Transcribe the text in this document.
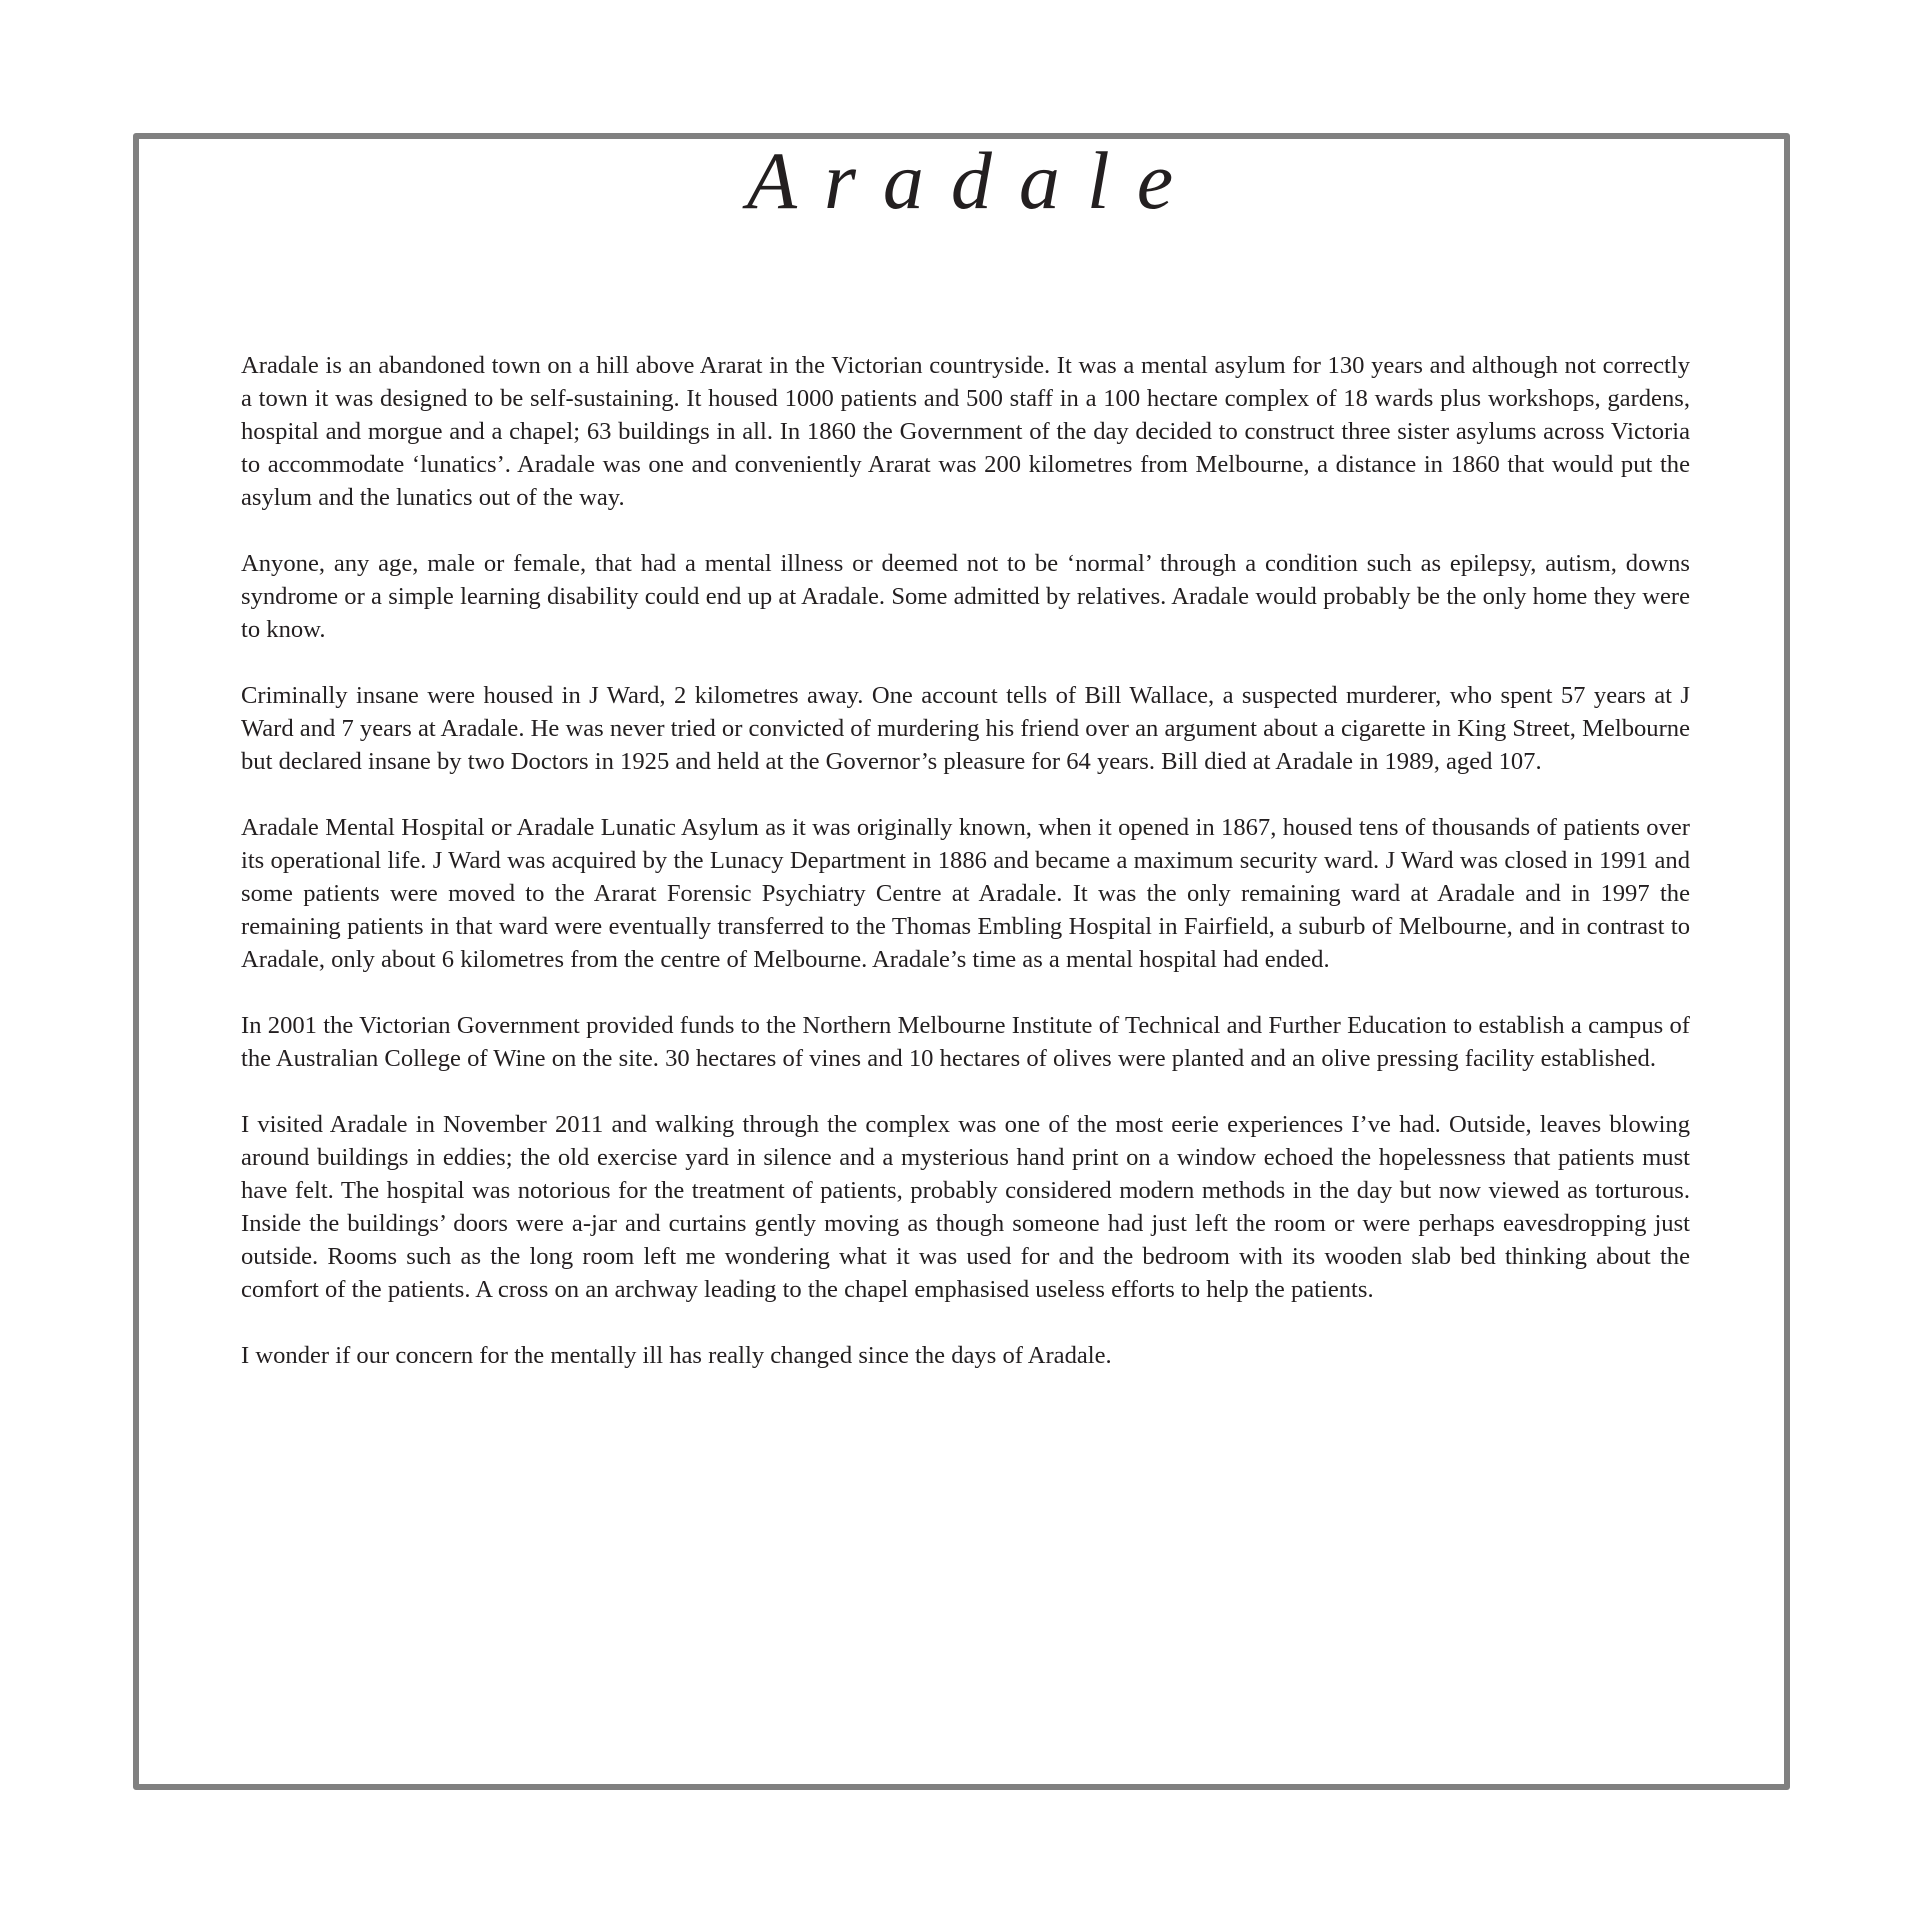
Aradale

Aradale is an abandoned town on a hill above Ararat in the Victorian countryside. It was a mental asylum for 130 years and although not correctly a town it was designed to be self-sustaining. It housed 1000 patients and 500 staff in a 100 hectare complex of 18 wards plus workshops, gardens, hospital and morgue and a chapel; 63 buildings in all. In 1860 the Government of the day decided to construct three sister asylums across Victoria to accommodate ‘lunatics’. Aradale was one and conveniently Ararat was 200 kilometres from Melbourne, a distance in 1860 that would put the asylum and the lunatics out of the way.

Anyone, any age, male or female, that had a mental illness or deemed not to be ‘normal’ through a condition such as epilepsy, autism, downs syndrome or a simple learning disability could end up at Aradale. Some admitted by relatives. Aradale would probably be the only home they were to know.

Criminally insane were housed in J Ward, 2 kilometres away. One account tells of Bill Wallace, a suspected murderer, who spent 57 years at J Ward and 7 years at Aradale. He was never tried or convicted of murdering his friend over an argument about a cigarette in King Street, Melbourne but declared insane by two Doctors in 1925 and held at the Governor’s pleasure for 64 years. Bill died at Aradale in 1989, aged 107.

Aradale Mental Hospital or Aradale Lunatic Asylum as it was originally known, when it opened in 1867, housed tens of thousands of patients over its operational life. J Ward was acquired by the Lunacy Department in 1886 and became a maximum security ward. J Ward was closed in 1991 and some patients were moved to the Ararat Forensic Psychiatry Centre at Aradale. It was the only remaining ward at Aradale and in 1997 the remaining patients in that ward were eventually transferred to the Thomas Embling Hospital in Fairfield, a suburb of Melbourne, and in contrast to Aradale, only about 6 kilometres from the centre of Melbourne. Aradale’s time as a mental hospital had ended.

In 2001 the Victorian Government provided funds to the Northern Melbourne Institute of Technical and Further Education to establish a campus of the Australian College of Wine on the site. 30 hectares of vines and 10 hectares of olives were planted and an olive pressing facility established.

I visited Aradale in November 2011 and walking through the complex was one of the most eerie experiences I’ve had. Outside, leaves blowing around buildings in eddies; the old exercise yard in silence and a mysterious hand print on a window echoed the hopelessness that patients must have felt. The hospital was notorious for the treatment of patients, probably considered modern methods in the day but now viewed as torturous. Inside the buildings’ doors were a-jar and curtains gently moving as though someone had just left the room or were perhaps eavesdropping just outside. Rooms such as the long room left me wondering what it was used for and the bedroom with its wooden slab bed thinking about the comfort of the patients. A cross on an archway leading to the chapel emphasised useless efforts to help the patients.

I wonder if our concern for the mentally ill has really changed since the days of Aradale.
